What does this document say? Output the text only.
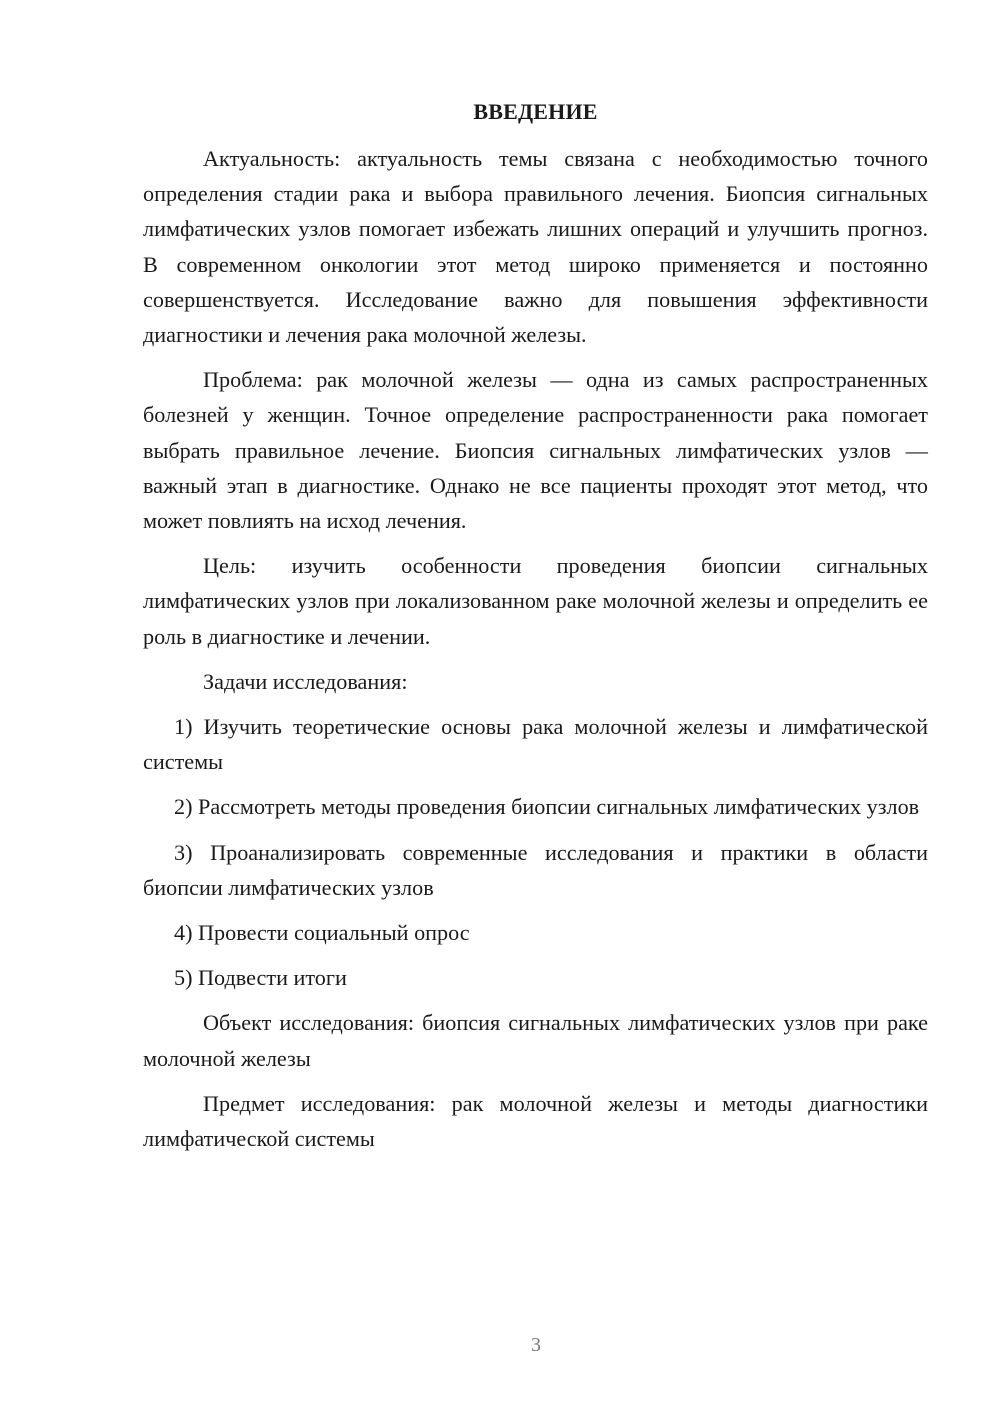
ВВЕДЕНИЕ

Актуальность: актуальность темы связана с необходимостью точного определения стадии рака и выбора правильного лечения. Биопсия сигнальных лимфатических узлов помогает избежать лишних операций и улучшить прогноз. В современном онкологии этот метод широко применяется и постоянно совершенствуется. Исследование важно для повышения эффективности диагностики и лечения рака молочной железы.

Проблема: рак молочной железы — одна из самых распространенных болезней у женщин. Точное определение распространенности рака помогает выбрать правильное лечение. Биопсия сигнальных лимфатических узлов — важный этап в диагностике. Однако не все пациенты проходят этот метод, что может повлиять на исход лечения.

Цель: изучить особенности проведения биопсии сигнальных лимфатических узлов при локализованном раке молочной железы и определить ее роль в диагностике и лечении.

Задачи исследования:

1) Изучить теоретические основы рака молочной железы и лимфатической системы

2) Рассмотреть методы проведения биопсии сигнальных лимфатических узлов

3) Проанализировать современные исследования и практики в области биопсии лимфатических узлов

4) Провести социальный опрос

5) Подвести итоги

Объект исследования: биопсия сигнальных лимфатических узлов при раке молочной железы

Предмет исследования: рак молочной железы и методы диагностики лимфатической системы

3
